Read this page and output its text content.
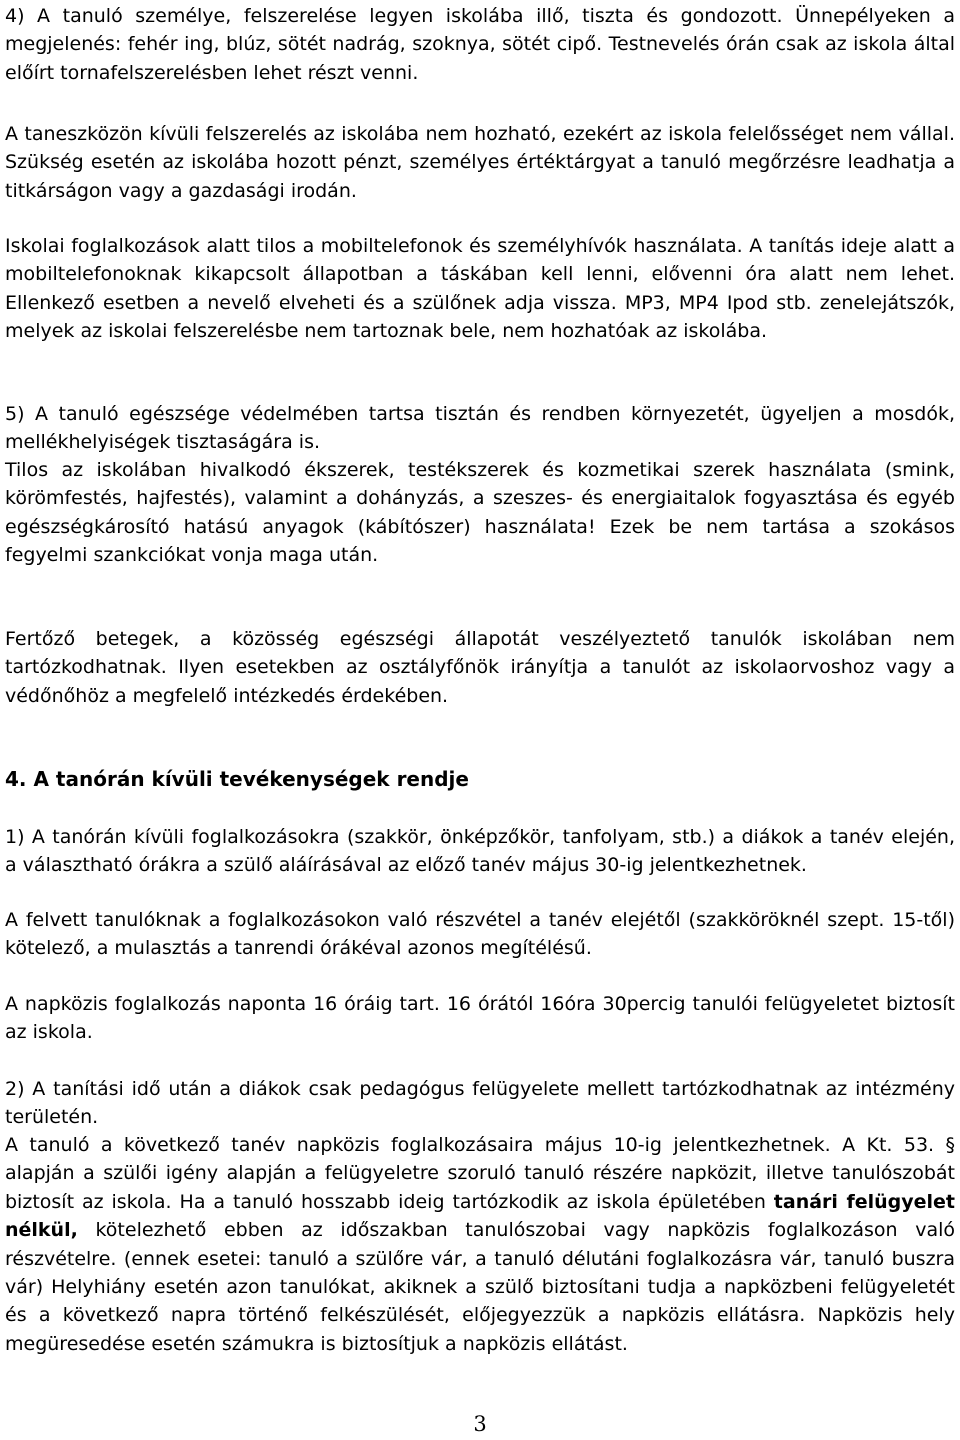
4) A tanuló személye, felszerelése legyen iskolába illő, tiszta és gondozott. Ünnepélyeken a megjelenés: fehér ing, blúz, sötét nadrág, szoknya, sötét cipő. Testnevelés órán csak az iskola által előírt tornafelszerelésben lehet részt venni.

A taneszközön kívüli felszerelés az iskolába nem hozható, ezekért az iskola felelősséget nem vállal. Szükség esetén az iskolába hozott pénzt, személyes értéktárgyat a tanuló megőrzésre leadhatja a titkárságon vagy a gazdasági irodán.

Iskolai foglalkozások alatt tilos a mobiltelefonok és személyhívók használata. A tanítás ideje alatt a mobiltelefonoknak kikapcsolt állapotban a táskában kell lenni, elővenni óra alatt nem lehet. Ellenkező esetben a nevelő elveheti és a szülőnek adja vissza. MP3, MP4 Ipod stb. zenelejátszók, melyek az iskolai felszerelésbe nem tartoznak bele, nem hozhatóak az iskolába.

5) A tanuló egészsége védelmében tartsa tisztán és rendben környezetét, ügyeljen a mosdók, mellékhelyiségek tisztaságára is.

Tilos az iskolában hivalkodó ékszerek, testékszerek és kozmetikai szerek használata (smink, körömfestés, hajfestés), valamint a dohányzás, a szeszes- és energiaitalok fogyasztása és egyéb egészségkárosító hatású anyagok (kábítószer) használata! Ezek be nem tartása a szokásos fegyelmi szankciókat vonja maga után.

Fertőző betegek, a közösség egészségi állapotát veszélyeztető tanulók iskolában nem tartózkodhatnak. Ilyen esetekben az osztályfőnök irányítja a tanulót az iskolaorvoshoz vagy a védőnőhöz a megfelelő intézkedés érdekében.

4. A tanórán kívüli tevékenységek rendje

1) A tanórán kívüli foglalkozásokra (szakkör, önképzőkör, tanfolyam, stb.) a diákok a tanév elején, a választható órákra a szülő aláírásával az előző tanév május 30-ig jelentkezhetnek.

A felvett tanulóknak a foglalkozásokon való részvétel a tanév elejétől (szakköröknél szept. 15-től) kötelező, a mulasztás a tanrendi órákéval azonos megítélésű.

A napközis foglalkozás naponta 16 óráig tart. 16 órától 16óra 30percig tanulói felügyeletet biztosít az iskola.

2) A tanítási idő után a diákok csak pedagógus felügyelete mellett tartózkodhatnak az intézmény területén.

A tanuló a következő tanév napközis foglalkozásaira május 10-ig jelentkezhetnek. A Kt. 53. § alapján a szülői igény alapján a felügyeletre szoruló tanuló részére napközit, illetve tanulószobát biztosít az iskola. Ha a tanuló hosszabb ideig tartózkodik az iskola épületében tanári felügyelet nélkül, kötelezhető ebben az időszakban tanulószobai vagy napközis foglalkozáson való részvételre. (ennek esetei: tanuló a szülőre vár, a tanuló délutáni foglalkozásra vár, tanuló buszra vár) Helyhiány esetén azon tanulókat, akiknek a szülő biztosítani tudja a napközbeni felügyeletét és a következő napra történő felkészülését, előjegyezzük a napközis ellátásra. Napközis hely megüresedése esetén számukra is biztosítjuk a napközis ellátást.

3
